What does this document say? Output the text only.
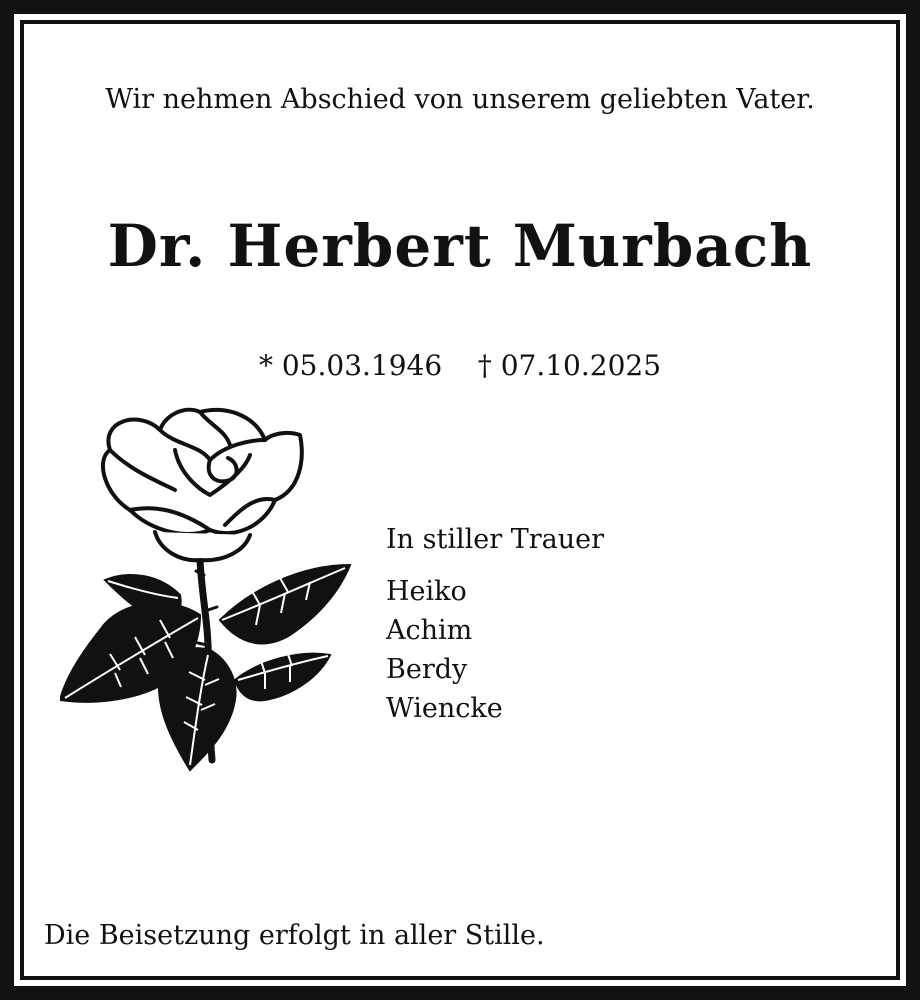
Wir nehmen Abschied von unserem geliebten Vater.
Dr. Herbert Murbach
* 05.03.1946 † 07.10.2025
In stiller Trauer
Heiko
Achim
Berdy
Wiencke
Die Beisetzung erfolgt in aller Stille.
